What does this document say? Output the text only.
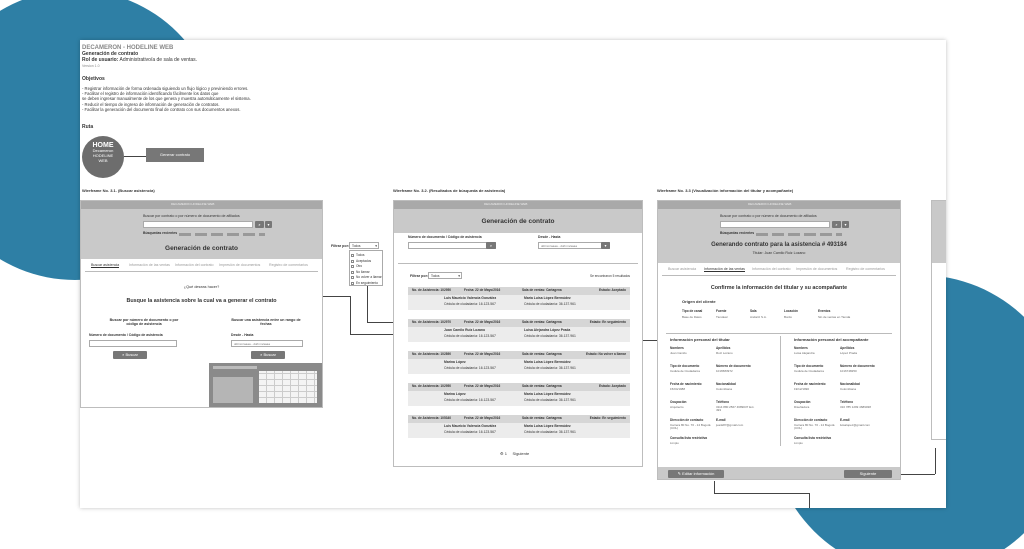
DECAMERON - HODELINE WEB
Generación de contrato
Rol de usuario: Administrativo/a de sala de ventas.
Version 1.0
Objetivos
- Registrar información de forma ordenada siguiendo un flujo lógico y previniendo errores.
- Facilitar el registro de información identificando fácilmente los datos que
se deben ingresar manualmente de los que genera y muestra automáticamente el sistema.
- Reducir el tiempo de ingreso de información de generación de contratos.
- Facilitar la generación del documento final de contrato con sus documentos anexos.
Ruta
HOME
Decameron HODELINE WEB
Generar contrato
Wireframe No. 3.1. (Buscar asistencia)	Wireframe No. 3.2. (Resultados de búsqueda de asistencia)	Wireframe No. 3.3 (Visualización información del titular y acompañante)
DECAMERON HODELINE WEB
Buscar por contrato o por número de documento de afiliados
⌕	▾
Búsquedas recientes
Generación de contrato
Buscar asistencia	Información de las ventas Información del contrato Impresión de documentos Registro de comentarios
¿Qué deseas hacer?
Busque la asistencia sobre la cual va a generar el contrato
Buscar por número de documento o por código de asistencia
Número de documento / Código de asistencia
⌕ Buscar
Buscar una asistencia entre un rango de fechas
Desde - Hasta
dd/mm/aaaa - dd/mm/aaaa
⌕ Buscar
Filtrar por: Todos	▾
Todos
Aceptados
Otro
No llamar
No volver a llamar
En seguimiento
DECAMERON HODELINE WEB
Generación de contrato
Número de documento / Código de asistencia
⌕
Desde - Hasta
dd/mm/aaaa - dd/mm/aaaa	▾
Filtrar por: Todos	▾	Se encontraron 5 resultados
No. de Asistencia: 102950	Fecha: 22 de Mayo/2016	Sala de ventas: Cartagena	Estado: Aceptado
Luis Mauricio Valencia González
Cédula de ciudadanía: 16.123.567
María Luisa López Bermúdez
Cédula de ciudadanía: 36.137.961
No. de Asistencia: 102970	Fecha: 22 de Mayo/2016	Sala de ventas: Cartagena	Estado: En seguimiento
Juan Camilo Ruiz Lozano
Cédula de ciudadanía: 16.123.567
Luisa Alejandra López Prada
Cédula de ciudadanía: 36.137.961
No. de Asistencia: 102890	Fecha: 22 de Mayo/2016	Sala de ventas: Cartagena	Estado: No volver a llamar
Marina López
Cédula de ciudadanía: 16.123.567
María Luisa López Bermúdez
Cédula de ciudadanía: 36.137.961
No. de Asistencia: 102950	Fecha: 22 de Mayo/2016	Sala de ventas: Cartagena	Estado: Aceptado
Marina López
Cédula de ciudadanía: 16.123.567
María Luisa López Bermúdez
Cédula de ciudadanía: 36.137.961
No. de Asistencia: 105340	Fecha: 22 de Mayo/2016	Sala de ventas: Cartagena	Estado: En seguimiento
Luis Mauricio Valencia González
Cédula de ciudadanía: 16.123.567
María Luisa López Bermúdez
Cédula de ciudadanía: 36.137.961
⚙ 1 Siguiente
DECAMERON HODELINE WEB
Buscar por contrato o por número de documento de afiliados
⌕	▾
Búsquedas recientes
Generando contrato para la asistencia # 493184
Titular: Juan Camilo Ruiz Lozano
Buscar asistencia Información de las ventas Información del contrato Impresión de documentos Registro de comentarios
Confirme la información del titular y su acompañante
Origen del cliente
Tipo de canal
Base de Datos
Fuente
Tiendeal
Sala
Andariz S.A.
Locación
Bordo
Eventos
Sin de ventas en Tienda
Información personal del titular	Información personal del acompañante
Nombres
Juan Camilo
Apellidos
Ruiz Lozano
Tipo de documento
Cédula de Ciudadanía
Número de documento
1016583972
Fecha de nacimiento
15/04/1988
Nacionalidad
Colombiana
Ocupación
Arquitecto
Teléfono
3114 880 2567 4689037 Ext. 493
Dirección de contacto
Carrera 80 No. 70 - 14 Bogotá (COL)
E-mail
juank87@gmail.com
Consulta lista restrictiva
Limpio
Nombres
Luisa Alejandra
Apellidos
López Prada
Tipo de documento
Cédula de Ciudadanía
Número de documento
1016748250
Fecha de nacimiento
19/12/1990
Nacionalidad
Colombiana
Ocupación
Diseñadora
Teléfono
310 785 1299 4689038
Dirección de contacto
Carrera 80 No. 70 - 14 Bogotá (COL)
E-mail
luisalopez@gmail.com
Consulta lista restrictiva
Limpio
✎ Editar información	Siguiente
